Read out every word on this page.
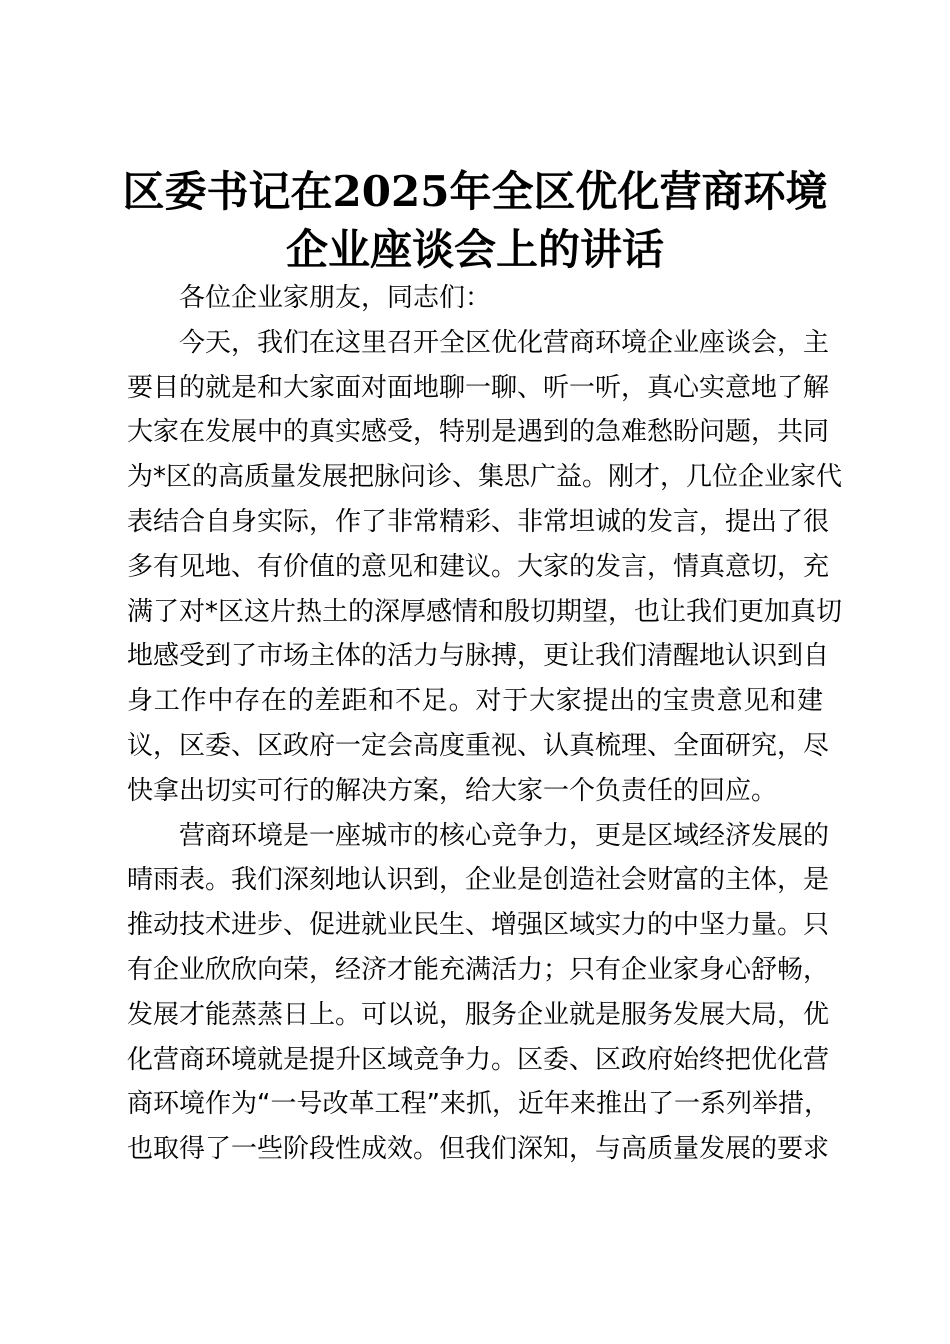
区委书记在2025年全区优化营商环境
企业座谈会上的讲话
各位企业家朋友，同志们：
今天，我们在这里召开全区优化营商环境企业座谈会，主
要目的就是和大家面对面地聊一聊、听一听，真心实意地了解
大家在发展中的真实感受，特别是遇到的急难愁盼问题，共同
为*区的高质量发展把脉问诊、集思广益。刚才，几位企业家代
表结合自身实际，作了非常精彩、非常坦诚的发言，提出了很
多有见地、有价值的意见和建议。大家的发言，情真意切，充
满了对*区这片热土的深厚感情和殷切期望，也让我们更加真切
地感受到了市场主体的活力与脉搏，更让我们清醒地认识到自
身工作中存在的差距和不足。对于大家提出的宝贵意见和建
议，区委、区政府一定会高度重视、认真梳理、全面研究，尽
快拿出切实可行的解决方案，给大家一个负责任的回应。
营商环境是一座城市的核心竞争力，更是区域经济发展的
晴雨表。我们深刻地认识到，企业是创造社会财富的主体，是
推动技术进步、促进就业民生、增强区域实力的中坚力量。只
有企业欣欣向荣，经济才能充满活力；只有企业家身心舒畅，
发展才能蒸蒸日上。可以说，服务企业就是服务发展大局，优
化营商环境就是提升区域竞争力。区委、区政府始终把优化营
商环境作为“一号改革工程”来抓，近年来推出了一系列举措，
也取得了一些阶段性成效。但我们深知，与高质量发展的要求
